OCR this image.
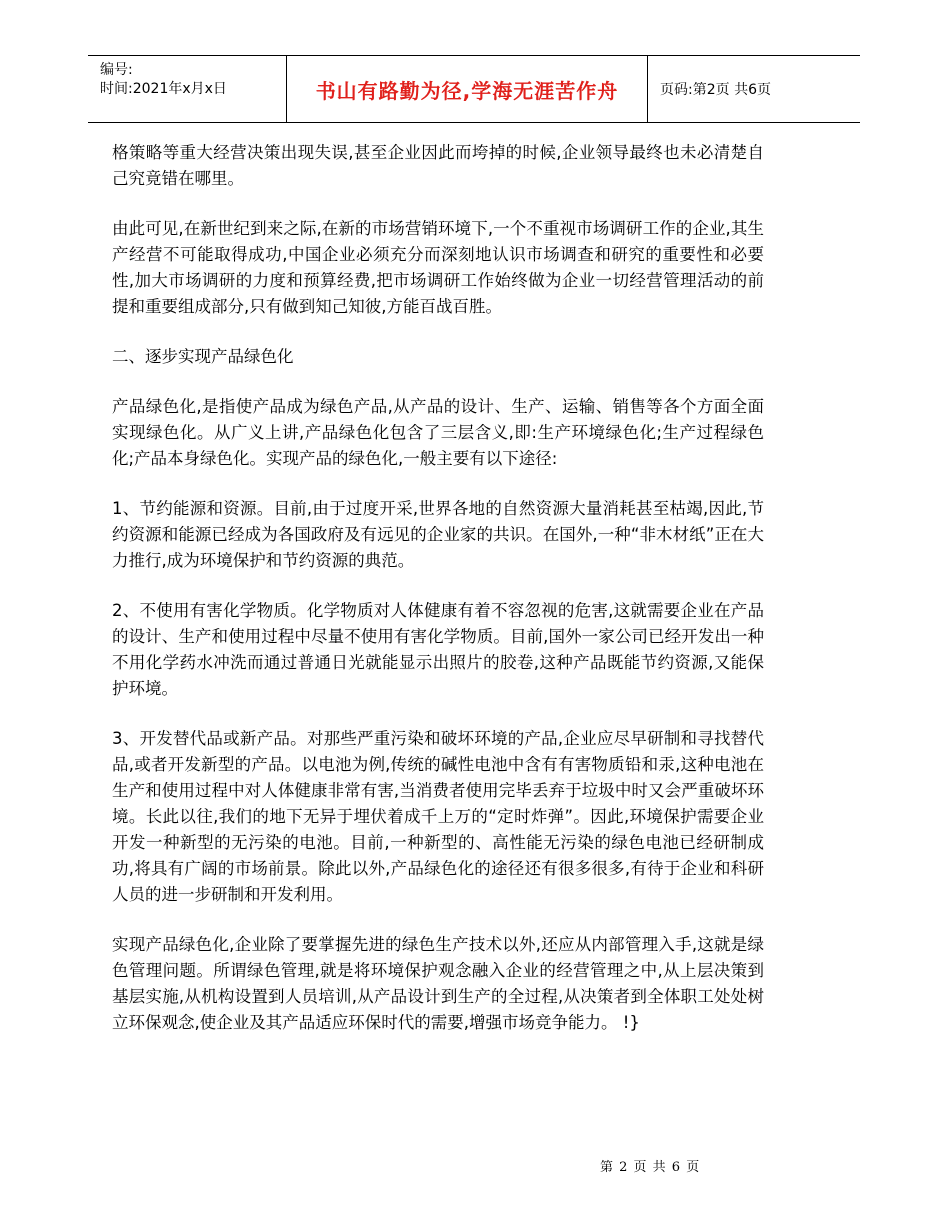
编号:
时间:2021年x月x日	书山有路勤为径,学海无涯苦作舟	页码:第2页 共6页

格策略等重大经营决策出现失误,甚至企业因此而垮掉的时候,企业领导最终也未必清楚自己究竟错在哪里。

由此可见,在新世纪到来之际,在新的市场营销环境下,一个不重视市场调研工作的企业,其生产经营不可能取得成功,中国企业必须充分而深刻地认识市场调查和研究的重要性和必要性,加大市场调研的力度和预算经费,把市场调研工作始终做为企业一切经营管理活动的前提和重要组成部分,只有做到知己知彼,方能百战百胜。

二、逐步实现产品绿色化

产品绿色化,是指使产品成为绿色产品,从产品的设计、生产、运输、销售等各个方面全面实现绿色化。从广义上讲,产品绿色化包含了三层含义,即:生产环境绿色化;生产过程绿色化;产品本身绿色化。实现产品的绿色化,一般主要有以下途径:

1、节约能源和资源。目前,由于过度开采,世界各地的自然资源大量消耗甚至枯竭,因此,节约资源和能源已经成为各国政府及有远见的企业家的共识。在国外,一种“非木材纸”正在大力推行,成为环境保护和节约资源的典范。

2、不使用有害化学物质。化学物质对人体健康有着不容忽视的危害,这就需要企业在产品的设计、生产和使用过程中尽量不使用有害化学物质。目前,国外一家公司已经开发出一种不用化学药水冲洗而通过普通日光就能显示出照片的胶卷,这种产品既能节约资源,又能保护环境。

3、开发替代品或新产品。对那些严重污染和破坏环境的产品,企业应尽早研制和寻找替代品,或者开发新型的产品。以电池为例,传统的碱性电池中含有有害物质铅和汞,这种电池在生产和使用过程中对人体健康非常有害,当消费者使用完毕丢弃于垃圾中时又会严重破坏环境。长此以往,我们的地下无异于埋伏着成千上万的“定时炸弹”。因此,环境保护需要企业开发一种新型的无污染的电池。目前,一种新型的、高性能无污染的绿色电池已经研制成功,将具有广阔的市场前景。除此以外,产品绿色化的途径还有很多很多,有待于企业和科研人员的进一步研制和开发利用。

实现产品绿色化,企业除了要掌握先进的绿色生产技术以外,还应从内部管理入手,这就是绿色管理问题。所谓绿色管理,就是将环境保护观念融入企业的经营管理之中,从上层决策到基层实施,从机构设置到人员培训,从产品设计到生产的全过程,从决策者到全体职工处处树立环保观念,使企业及其产品适应环保时代的需要,增强市场竞争能力。 !}

第 2 页 共 6 页
